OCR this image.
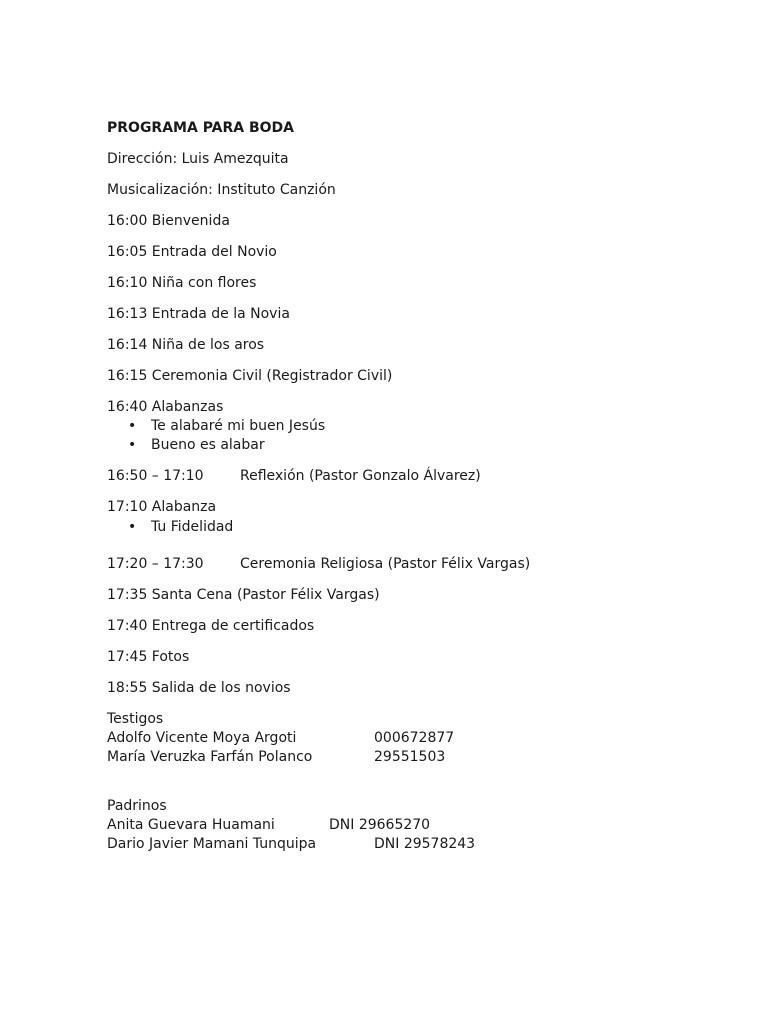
PROGRAMA PARA BODA
Dirección: Luis Amezquita
Musicalización: Instituto Canzión
16:00 Bienvenida
16:05 Entrada del Novio
16:10 Niña con flores
16:13 Entrada de la Novia
16:14 Niña de los aros
16:15 Ceremonia Civil (Registrador Civil)
16:40 Alabanzas
• Te alabaré mi buen Jesús
• Bueno es alabar
16:50 – 17:10	Reflexión (Pastor Gonzalo Álvarez)
17:10 Alabanza
• Tu Fidelidad
17:20 – 17:30	Ceremonia Religiosa (Pastor Félix Vargas)
17:35 Santa Cena (Pastor Félix Vargas)
17:40 Entrega de certificados
17:45 Fotos
18:55 Salida de los novios
Testigos
Adolfo Vicente Moya Argoti	000672877
María Veruzka Farfán Polanco	29551503
Padrinos
Anita Guevara Huamani	DNI 29665270
Dario Javier Mamani Tunquipa	DNI 29578243
